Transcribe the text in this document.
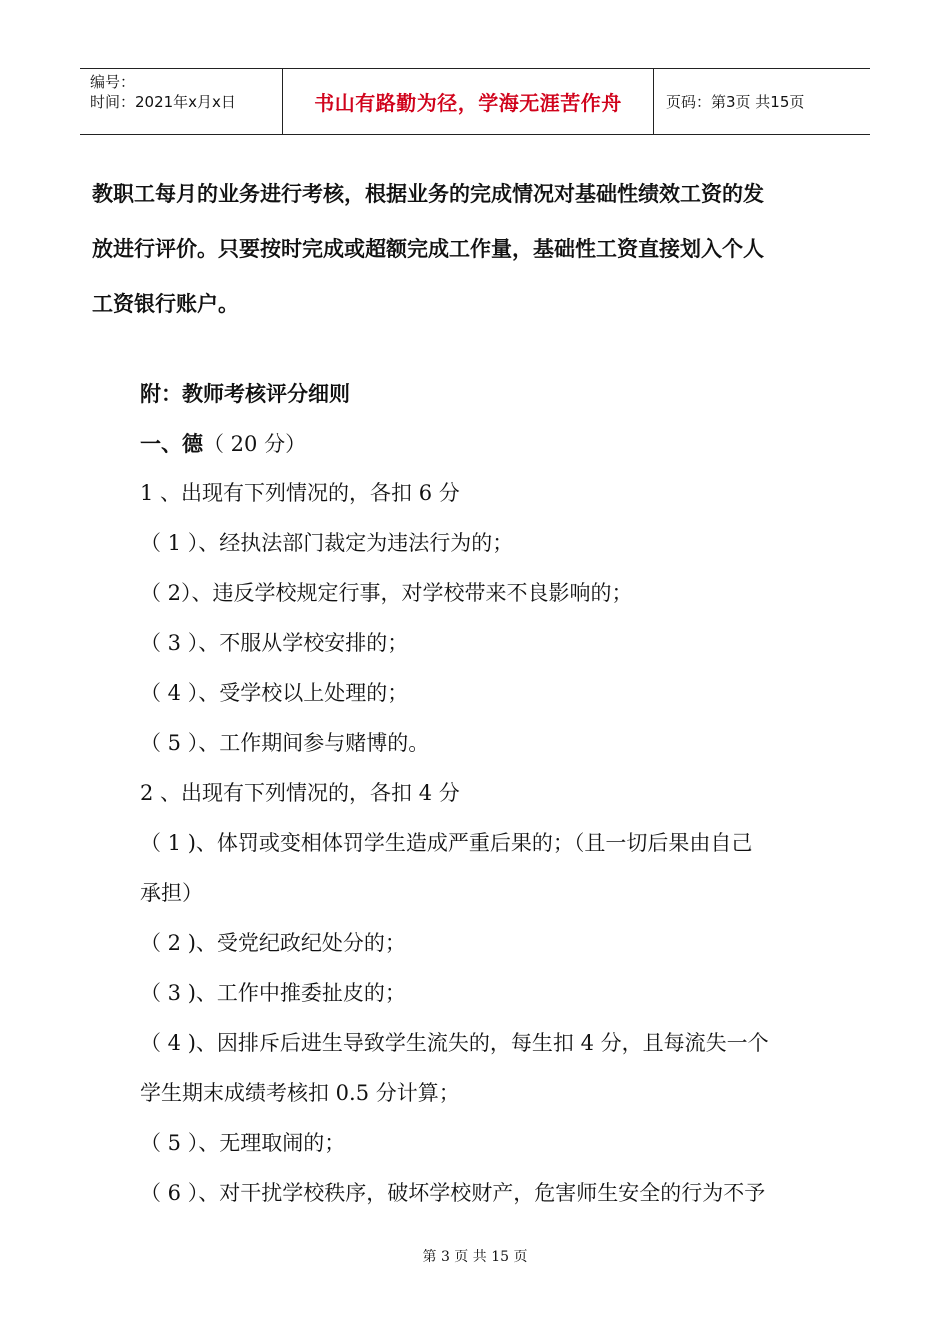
编号：
时间：2021年x月x日	书山有路勤为径，学海无涯苦作舟	页码：第3页 共15页

教职工每月的业务进行考核，根据业务的完成情况对基础性绩效工资的发

放进行评价。只要按时完成或超额完成工作量，基础性工资直接划入个人

工资银行账户。

附：教师考核评分细则
一、德（ 20 分）

1 、出现有下列情况的，各扣 6 分

（ 1 ）、经执法部门裁定为违法行为的；

（ 2）、违反学校规定行事，对学校带来不良影响的；

（ 3 ）、不服从学校安排的；

（ 4 ）、受学校以上处理的；

（ 5 ）、工作期间参与赌博的。

2 、出现有下列情况的，各扣 4 分

（ 1 )、体罚或变相体罚学生造成严重后果的；（且一切后果由自己

承担）

（ 2 )、受党纪政纪处分的；

（ 3 )、工作中推委扯皮的；

（ 4 )、因排斥后进生导致学生流失的，每生扣 4 分，且每流失一个

学生期末成绩考核扣 0.5 分计算；

（ 5 ）、无理取闹的；

（ 6 ）、对干扰学校秩序，破坏学校财产，危害师生安全的行为不予

第 3 页 共 15 页
